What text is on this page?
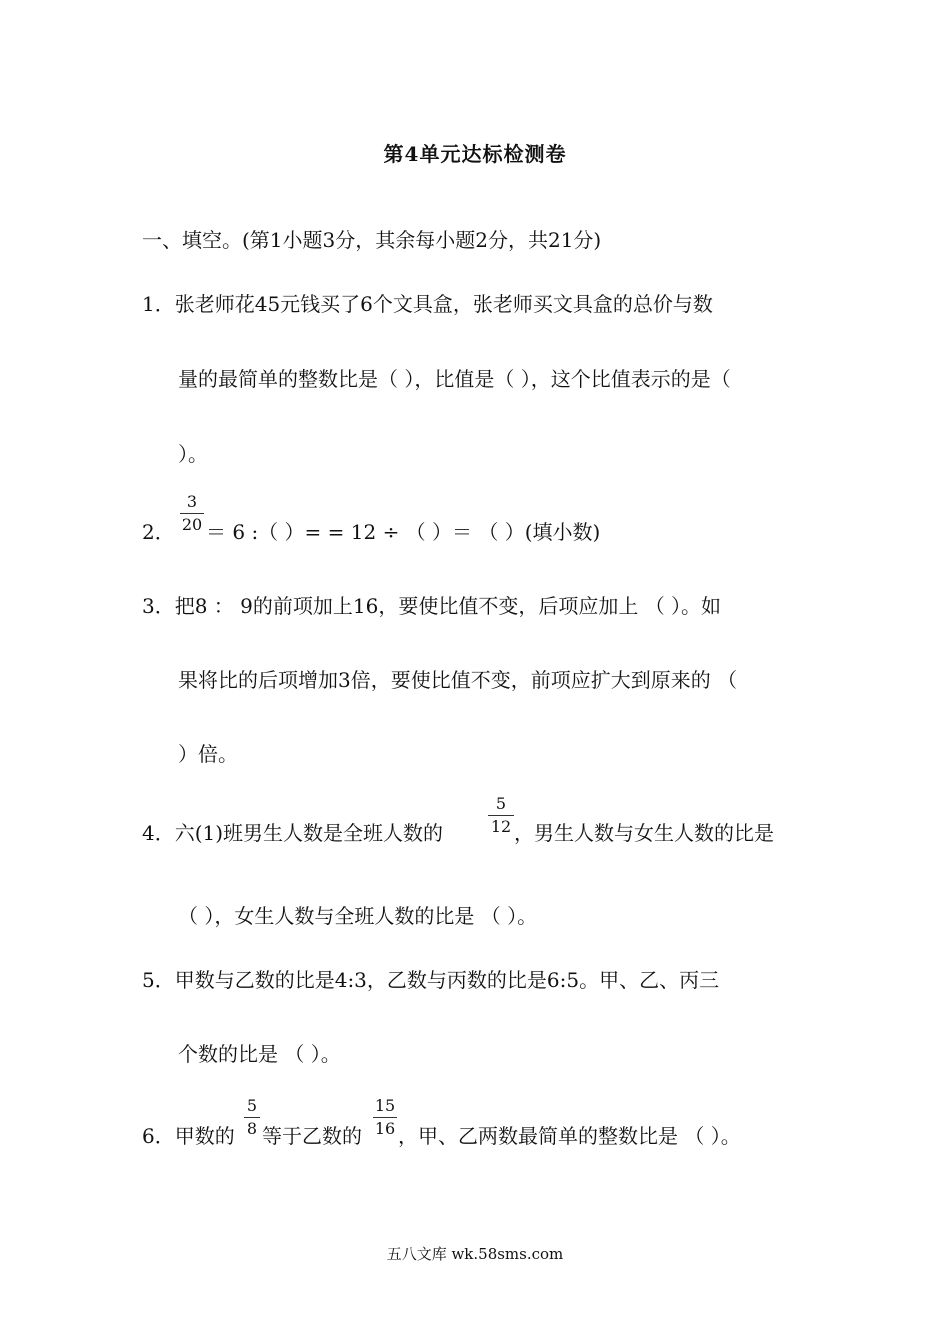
第4单元达标检测卷
一、填空。(第1小题3分，其余每小题2分，共21分)
1．张老师花45元钱买了6个文具盒，张老师买文具盒的总价与数
量的最简单的整数比是（ ），比值是（ ），这个比值表示的是（
）。
3
20
2． ＝ 6 :（ ）= = 12 ÷ （ ）＝ （ ）(填小数)
3．把8 ： 9的前项加上16，要使比值不变，后项应加上 （ ）。如
果将比的后项增加3倍，要使比值不变，前项应扩大到原来的 （
）倍。
4．六(1)班男生人数是全班人数的
5
12 ，男生人数与女生人数的比是
（ ），女生人数与全班人数的比是 （ ）。
5．甲数与乙数的比是4:3，乙数与丙数的比是6:5。甲、乙、丙三
个数的比是 （ ）。
6．甲数的
5
8 等于乙数的
15
16 ，甲、乙两数最简单的整数比是 （ ）。
五八文库 wk.58sms.com
